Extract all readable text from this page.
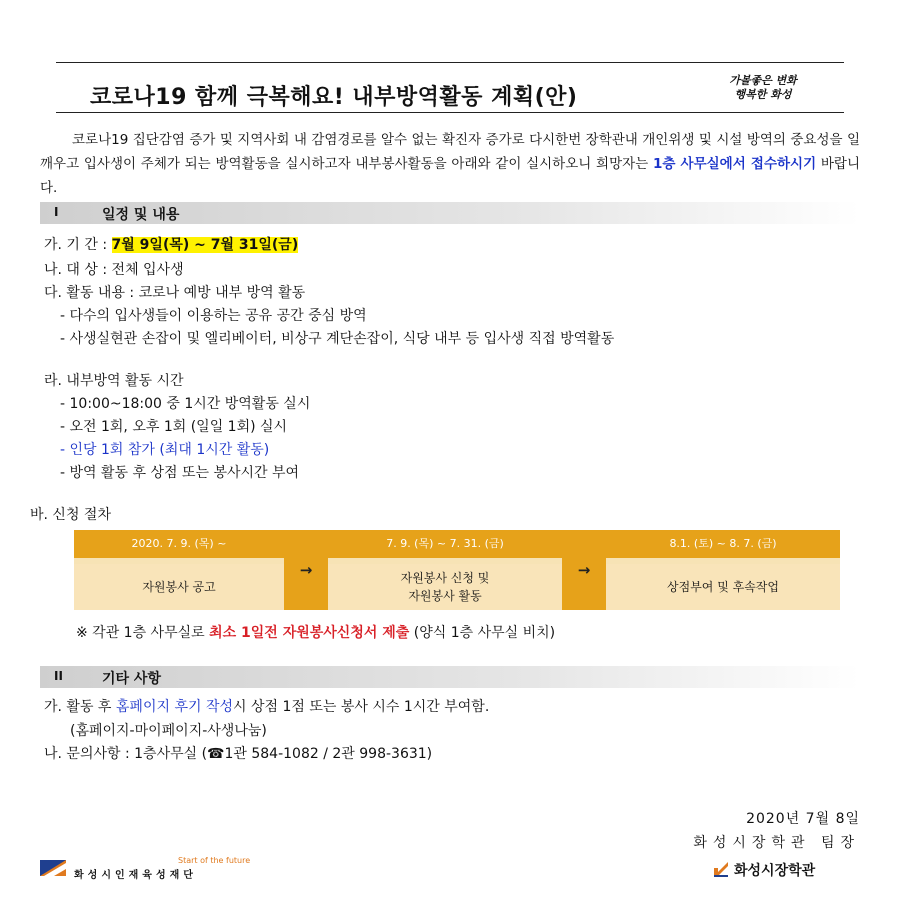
코로나19 함께 극복해요! 내부방역활동 계획(안)
가볼좋은 변화
행복한 화성
코로나19 집단감염 증가 및 지역사회 내 감염경로를 알수 없는 확진자 증가로 다시한번 장학관내 개인위생 및 시설 방역의 중요성을 일깨우고 입사생이 주체가 되는 방역활동을 실시하고자 내부봉사활동을 아래와 같이 실시하오니 희망자는 1층 사무실에서 접수하시기 바랍니다.
I	일정 및 내용
가. 기 간 : 7월 9일(목) ~ 7월 31일(금)
나. 대 상 : 전체 입사생
다. 활동 내용 : 코로나 예방 내부 방역 활동
- 다수의 입사생들이 이용하는 공유 공간 중심 방역
- 사생실현관 손잡이 및 엘리베이터, 비상구 계단손잡이, 식당 내부 등 입사생 직접 방역활동
라. 내부방역 활동 시간
- 10:00~18:00 중 1시간 방역활동 실시
- 오전 1회, 오후 1회 (일일 1회) 실시
- 인당 1회 참가 (최대 1시간 활동)
- 방역 활동 후 상점 또는 봉사시간 부여
바. 신청 절차
2020. 7. 9. (목) ~
자원봉사 공고
→
7. 9. (목) ~ 7. 31. (금)
자원봉사 신청 및
자원봉사 활동
→
8.1. (토) ~ 8. 7. (금)
상점부여 및 후속작업
※ 각관 1층 사무실로 최소 1일전 자원봉사신청서 제출 (양식 1층 사무실 비치)
II	기타 사항
가. 활동 후 홈페이지 후기 작성시 상점 1점 또는 봉사 시수 1시간 부여함.
(홈페이지-마이페이지-사생나눔)
나. 문의사항 : 1층사무실 (☎1관 584-1082 / 2관 998-3631)
2020년 7월 8일
화성시장학관 팀장
화성시인재육성재단
Start of the future
화성시장학관
